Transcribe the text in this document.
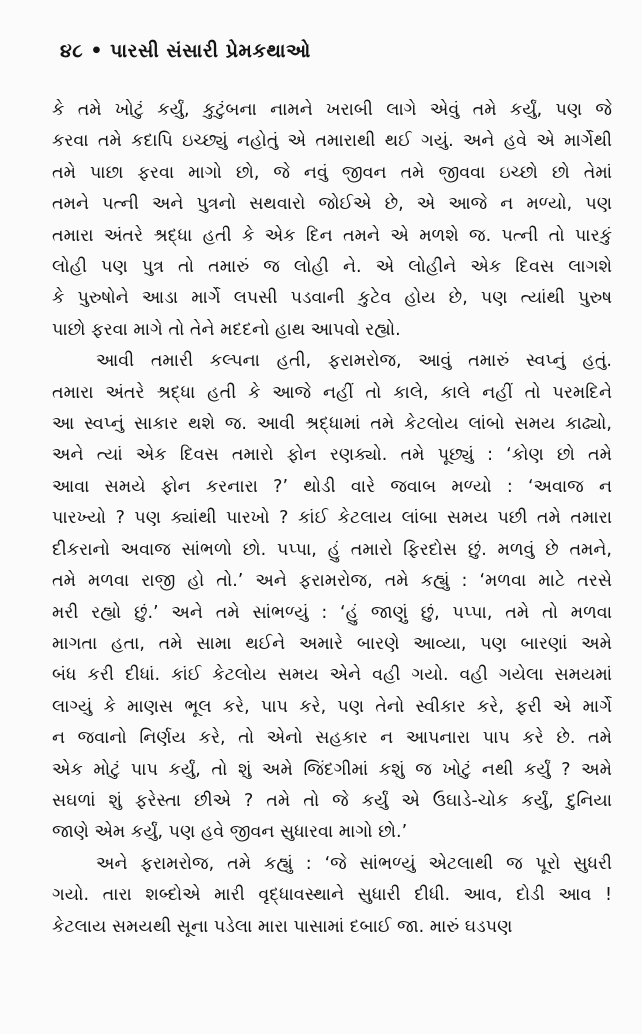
૪૮ • પારસી સંસારી પ્રેમકથાઓ
કે તમે ખોટું કર્યું, કુટુંબના નામને ખરાબી લાગે એવું તમે કર્યું, પણ જે
કરવા તમે કદાપિ ઇચ્છ્યું નહોતું એ તમારાથી થઈ ગયું. અને હવે એ માર્ગેથી
તમે પાછા ફરવા માગો છો, જે નવું જીવન તમે જીવવા ઇચ્છો છો તેમાં
તમને પત્ની અને પુત્રનો સથવારો જોઈએ છે, એ આજે ન મળ્યો, પણ
તમારા અંતરે શ્રદ્ધા હતી કે એક દિન તમને એ મળશે જ. પત્ની તો પારકું
લોહી પણ પુત્ર તો તમારું જ લોહી ને. એ લોહીને એક દિવસ લાગશે
કે પુરુષોને આડા માર્ગે લપસી પડવાની કુટેવ હોય છે, પણ ત્યાંથી પુરુષ
પાછો ફરવા માગે તો તેને મદદનો હાથ આપવો રહ્યો.
આવી તમારી કલ્પના હતી, ફરામરોજ, આવું તમારું સ્વપ્નું હતું.
તમારા અંતરે શ્રદ્ધા હતી કે આજે નહીં તો કાલે, કાલે નહીં તો પરમદિને
આ સ્વપ્નું સાકાર થશે જ. આવી શ્રદ્ધામાં તમે કેટલોય લાંબો સમય કાઢ્યો,
અને ત્યાં એક દિવસ તમારો ફોન રણક્યો. તમે પૂછ્યું : ‘કોણ છો તમે
આવા સમયે ફોન કરનારા ?’ થોડી વારે જવાબ મળ્યો : ‘અવાજ ન
પારખ્યો ? પણ ક્યાંથી પારખો ? કાંઈ કેટલાય લાંબા સમય પછી તમે તમારા
દીકરાનો અવાજ સાંભળો છો. પપ્પા, હું તમારો ફિરદોસ છું. મળવું છે તમને,
તમે મળવા રાજી હો તો.’ અને ફરામરોજ, તમે કહ્યું : ‘મળવા માટે તરસે
મરી રહ્યો છું.’ અને તમે સાંભળ્યું : ‘હું જાણું છું, પપ્પા, તમે તો મળવા
માગતા હતા, તમે સામા થઈને અમારે બારણે આવ્યા, પણ બારણાં અમે
બંધ કરી દીધાં. કાંઈ કેટલોય સમય એને વહી ગયો. વહી ગયેલા સમયમાં
લાગ્યું કે માણસ ભૂલ કરે, પાપ કરે, પણ તેનો સ્વીકાર કરે, ફરી એ માર્ગે
ન જવાનો નિર્ણય કરે, તો એનો સહકાર ન આપનારા પાપ કરે છે. તમે
એક મોટું પાપ કર્યું, તો શું અમે જિંદગીમાં કશું જ ખોટું નથી કર્યું ? અમે
સઘળાં શું ફરેસ્તા છીએ ? તમે તો જે કર્યું એ ઉઘાડે-ચોક કર્યું, દુનિયા
જાણે એમ કર્યું, પણ હવે જીવન સુધારવા માગો છો.’
અને ફરામરોજ, તમે કહ્યું : ‘જે સાંભળ્યું એટલાથી જ પૂરો સુધરી
ગયો. તારા શબ્દોએ મારી વૃદ્ધાવસ્થાને સુધારી દીધી. આવ, દોડી આવ !
કેટલાય સમયથી સૂના પડેલા મારા પાસામાં દબાઈ જા. મારું ઘડપણ
